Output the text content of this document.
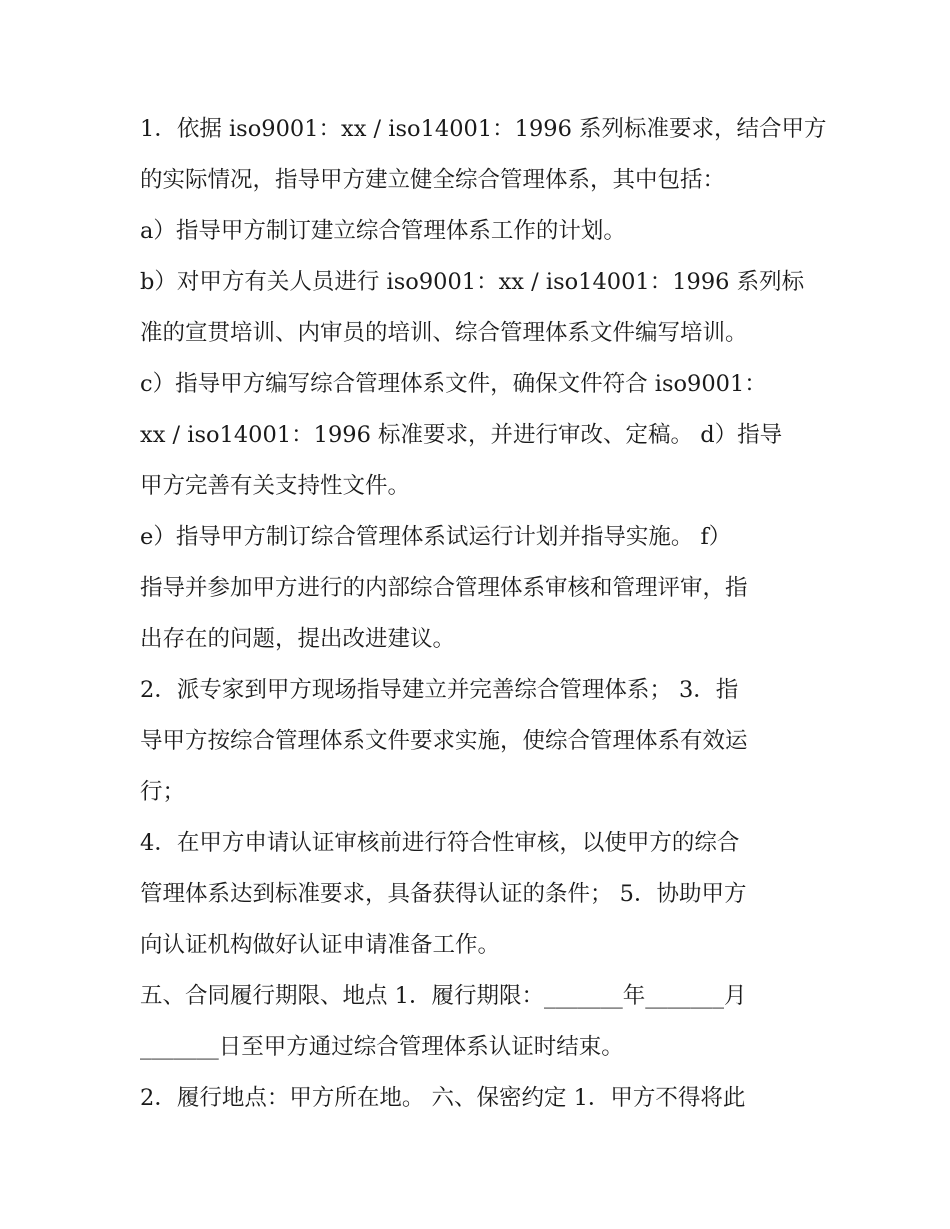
1．依据 iso9001：xx / iso14001：1996 系列标准要求，结合甲方
的实际情况，指导甲方建立健全综合管理体系，其中包括：
a）指导甲方制订建立综合管理体系工作的计划。
b）对甲方有关人员进行 iso9001：xx / iso14001：1996 系列标
准的宣贯培训、内审员的培训、综合管理体系文件编写培训。
c）指导甲方编写综合管理体系文件，确保文件符合 iso9001：
xx / iso14001：1996 标准要求，并进行审改、定稿。 d）指导
甲方完善有关支持性文件。
e）指导甲方制订综合管理体系试运行计划并指导实施。 f）
指导并参加甲方进行的内部综合管理体系审核和管理评审，指
出存在的问题，提出改进建议。
2．派专家到甲方现场指导建立并完善综合管理体系； 3．指
导甲方按综合管理体系文件要求实施，使综合管理体系有效运
行；
4．在甲方申请认证审核前进行符合性审核，以使甲方的综合
管理体系达到标准要求，具备获得认证的条件； 5．协助甲方
向认证机构做好认证申请准备工作。
五、合同履行期限、地点 1．履行期限：_______年_______月
_______日至甲方通过综合管理体系认证时结束。
2．履行地点：甲方所在地。 六、保密约定 1．甲方不得将此
